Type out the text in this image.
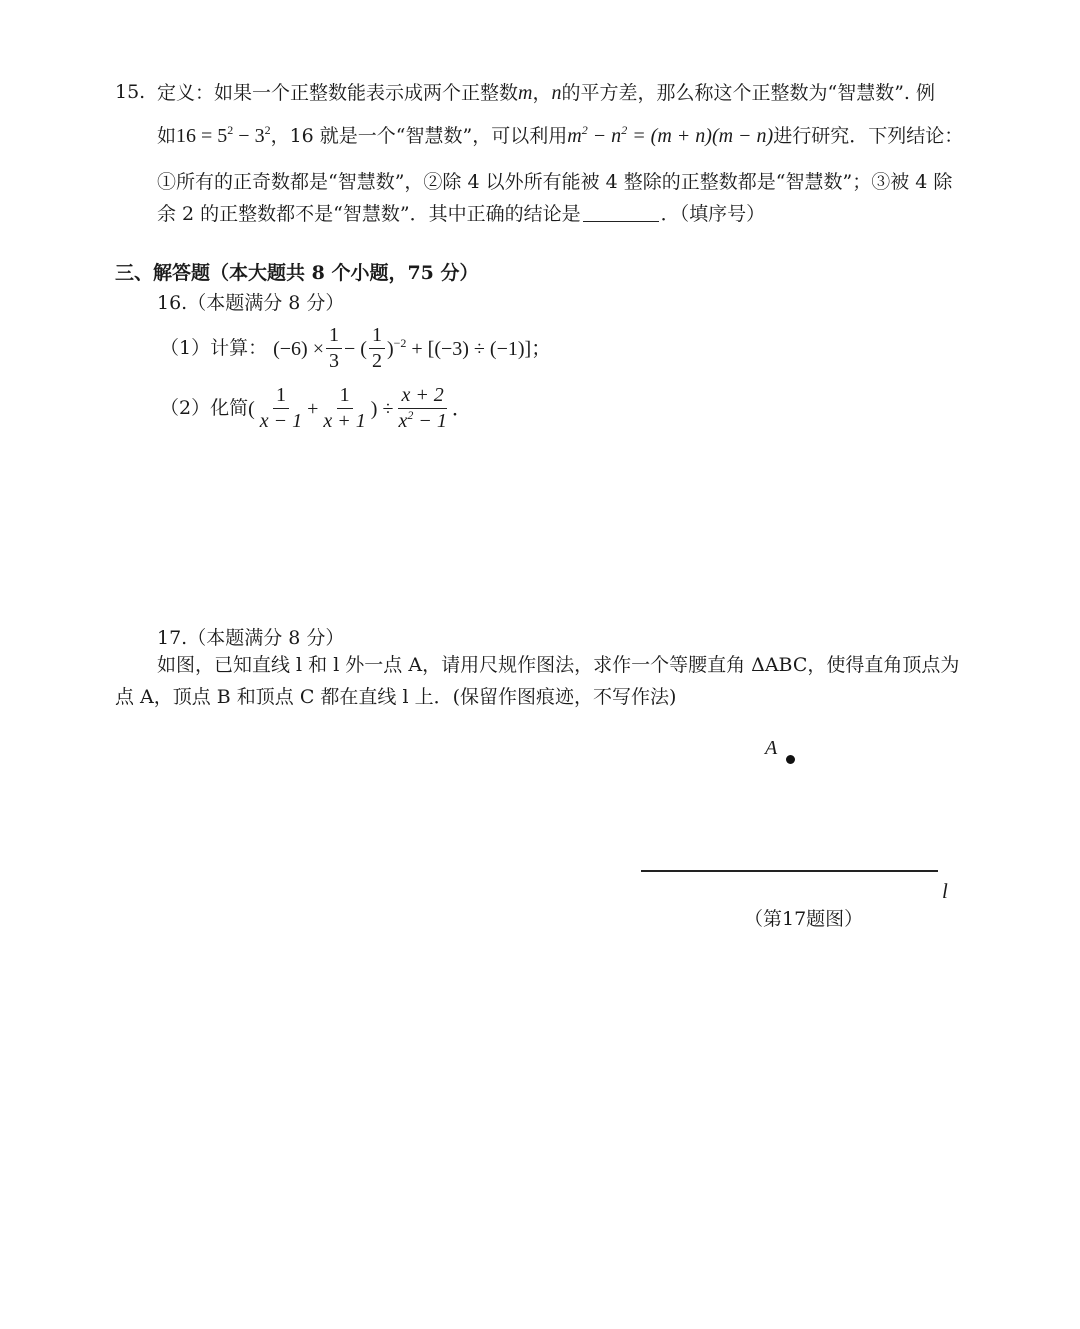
15. 定义：如果一个正整数能表示成两个正整数m，n的平方差，那么称这个正整数为“智慧数”. 例
如$16 = 5^2 - 3^2$，16 就是一个“智慧数”，可以利用$m^2 - n^2 = (m + n)(m - n)$进行研究．下列结论：
①所有的正奇数都是“智慧数”，②除 4 以外所有能被 4 整除的正整数都是“智慧数”；③被 4 除
余 2 的正整数都不是“智慧数”．其中正确的结论是	．（填序号）
三、解答题（本大题共 8 个小题，75 分）
16.（本题满分 8 分）
（1）计算： $(-6) \times \frac{1}{3}$ − ( $\frac{1}{2} )^{-2} + [(-3) \div (-1)]$；
（2）化简 ( $\frac{1}{x - 1} + \frac{1}{x + 1}$ ) ÷ $\frac{x + 2}{x^2 - 1}$ ．
17.（本题满分 8 分）
如图，已知直线 l 和 l 外一点 A，请用尺规作图法，求作一个等腰直角 ΔABC，使得直角顶点为
点 A，顶点 B 和顶点 C 都在直线 l 上．(保留作图痕迹，不写作法)
A
l
（第17题图）
